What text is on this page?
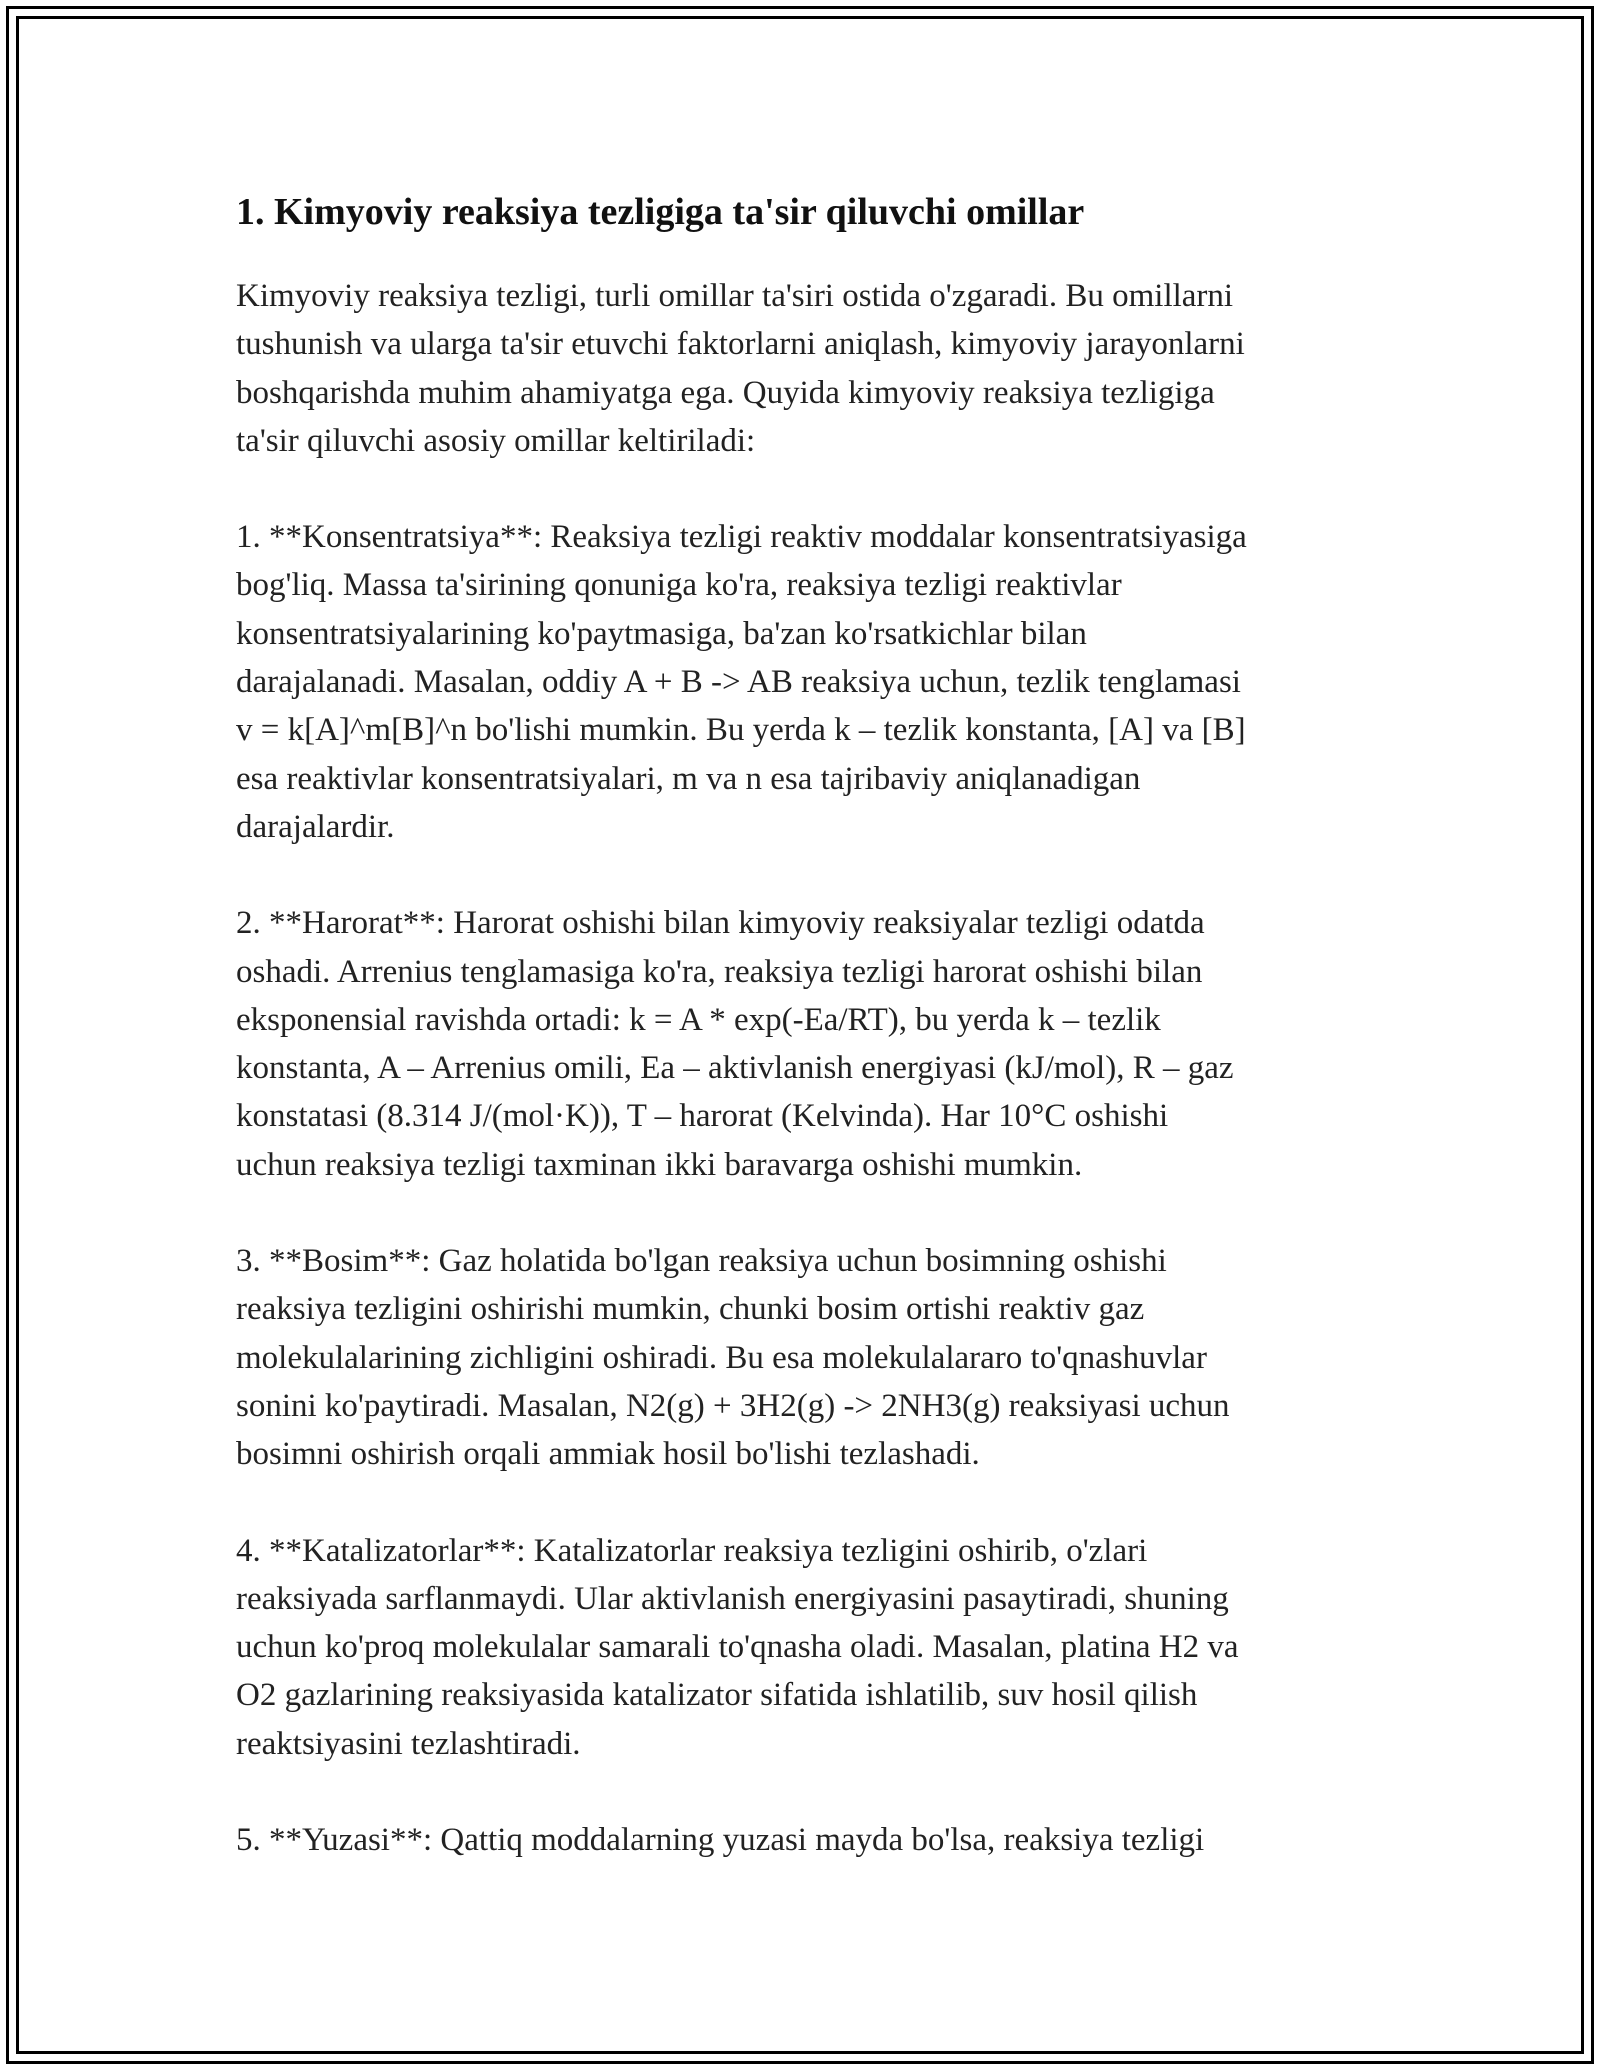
1. Kimyoviy reaksiya tezligiga ta'sir qiluvchi omillar
Kimyoviy reaksiya tezligi, turli omillar ta'siri ostida o'zgaradi. Bu omillarni
tushunish va ularga ta'sir etuvchi faktorlarni aniqlash, kimyoviy jarayonlarni
boshqarishda muhim ahamiyatga ega. Quyida kimyoviy reaksiya tezligiga
ta'sir qiluvchi asosiy omillar keltiriladi:
1. **Konsentratsiya**: Reaksiya tezligi reaktiv moddalar konsentratsiyasiga
bog'liq. Massa ta'sirining qonuniga ko'ra, reaksiya tezligi reaktivlar
konsentratsiyalarining ko'paytmasiga, ba'zan ko'rsatkichlar bilan
darajalanadi. Masalan, oddiy A + B -> AB reaksiya uchun, tezlik tenglamasi
v = k[A]^m[B]^n bo'lishi mumkin. Bu yerda k – tezlik konstanta, [A] va [B]
esa reaktivlar konsentratsiyalari, m va n esa tajribaviy aniqlanadigan
darajalardir.
2. **Harorat**: Harorat oshishi bilan kimyoviy reaksiyalar tezligi odatda
oshadi. Arrenius tenglamasiga ko'ra, reaksiya tezligi harorat oshishi bilan
eksponensial ravishda ortadi: k = A * exp(-Ea/RT), bu yerda k – tezlik
konstanta, A – Arrenius omili, Ea – aktivlanish energiyasi (kJ/mol), R – gaz
konstatasi (8.314 J/(mol·K)), T – harorat (Kelvinda). Har 10°C oshishi
uchun reaksiya tezligi taxminan ikki baravarga oshishi mumkin.
3. **Bosim**: Gaz holatida bo'lgan reaksiya uchun bosimning oshishi
reaksiya tezligini oshirishi mumkin, chunki bosim ortishi reaktiv gaz
molekulalarining zichligini oshiradi. Bu esa molekulalararo to'qnashuvlar
sonini ko'paytiradi. Masalan, N2(g) + 3H2(g) -> 2NH3(g) reaksiyasi uchun
bosimni oshirish orqali ammiak hosil bo'lishi tezlashadi.
4. **Katalizatorlar**: Katalizatorlar reaksiya tezligini oshirib, o'zlari
reaksiyada sarflanmaydi. Ular aktivlanish energiyasini pasaytiradi, shuning
uchun ko'proq molekulalar samarali to'qnasha oladi. Masalan, platina H2 va
O2 gazlarining reaksiyasida katalizator sifatida ishlatilib, suv hosil qilish
reaktsiyasini tezlashtiradi.
5. **Yuzasi**: Qattiq moddalarning yuzasi mayda bo'lsa, reaksiya tezligi
